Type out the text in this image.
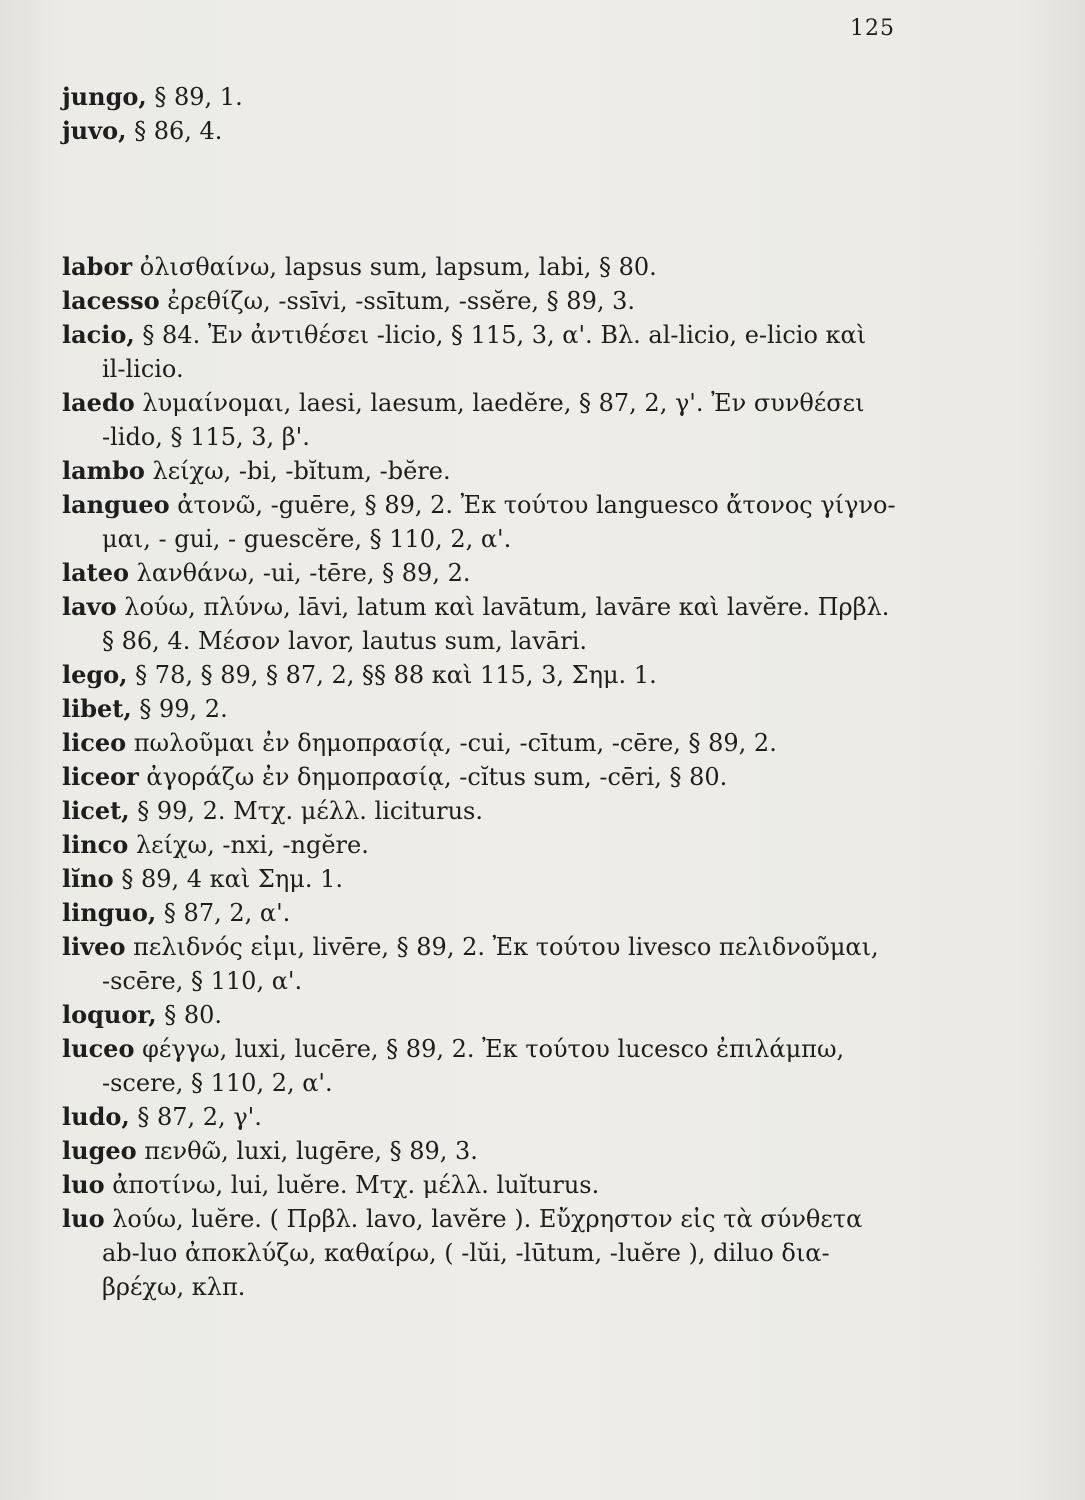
125
jungo, § 89, 1.
juvo, § 86, 4.
labor ὀλισθαίνω, lapsus sum, lapsum, labi, § 80.
lacesso ἐρεθίζω, -ssīvi, -ssītum, -ssĕre, § 89, 3.
lacio, § 84. Ἐν ἀντιθέσει -licio, § 115, 3, α'. Βλ. al-licio, e-licio καὶ
il-licio.
laedo λυμαίνομαι, laesi, laesum, laedĕre, § 87, 2, γ'. Ἐν συνθέσει
-lido, § 115, 3, β'.
lambo λείχω, -bi, -bĭtum, -bĕre.
langueo ἀτονῶ, -guēre, § 89, 2. Ἐκ τούτου languesco ἄτονος γίγνο-
μαι, - gui, - guescĕre, § 110, 2, α'.
lateo λανθάνω, -ui, -tēre, § 89, 2.
lavo λούω, πλύνω, lāvi, latum καὶ lavātum, lavāre καὶ lavĕre. Πρβλ.
§ 86, 4. Μέσον lavor, lautus sum, lavāri.
lego, § 78, § 89, § 87, 2, §§ 88 καὶ 115, 3, Σημ. 1.
libet, § 99, 2.
liceo πωλοῦμαι ἐν δημοπρασίᾳ, -cui, -cītum, -cēre, § 89, 2.
liceor ἀγοράζω ἐν δημοπρασίᾳ, -cĭtus sum, -cēri, § 80.
licet, § 99, 2. Μτχ. μέλλ. liciturus.
linco λείχω, -nxi, -ngĕre.
lĭno § 89, 4 καὶ Σημ. 1.
linguo, § 87, 2, α'.
liveo πελιδνός εἰμι, livēre, § 89, 2. Ἐκ τούτου livesco πελιδνοῦμαι,
-scēre, § 110, α'.
loquor, § 80.
luceo φέγγω, luxi, lucēre, § 89, 2. Ἐκ τούτου lucesco ἐπιλάμπω,
-scere, § 110, 2, α'.
ludo, § 87, 2, γ'.
lugeo πενθῶ, luxi, lugēre, § 89, 3.
luo ἀποτίνω, lui, luĕre. Μτχ. μέλλ. luĭturus.
luo λούω, luĕre. ( Πρβλ. lavo, lavĕre ). Εὔχρηστον εἰς τὰ σύνθετα
ab-luo ἀποκλύζω, καθαίρω, ( -lŭi, -lūtum, -luĕre ), diluo δια-
βρέχω, κλπ.
